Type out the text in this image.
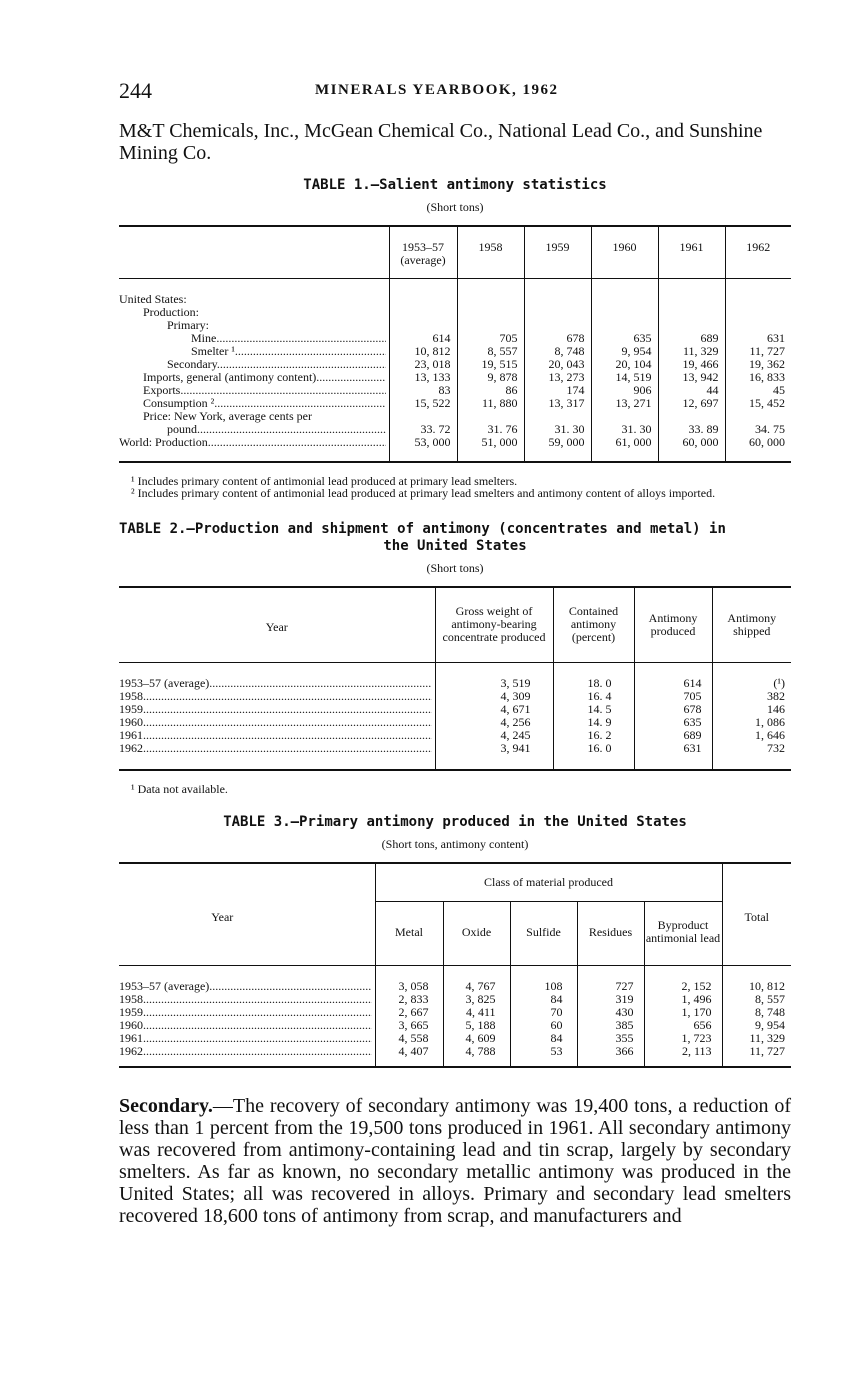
244	MINERALS YEARBOOK, 1962

M&T Chemicals, Inc., McGean Chemical Co., National Lead Co., and Sunshine Mining Co.

TABLE 1.—Salient antimony statistics
(Short tons)
	1953–57 (average)	1958	1959	1960	1961	1962

United States:						

Production:						

Primary:						

Mine .....	614	705	678	635	689	631

Smelter ¹ .....	10, 812	8, 557	8, 748	9, 954	11, 329	11, 727

Secondary .....	23, 018	19, 515	20, 043	20, 104	19, 466	19, 362

Imports, general (antimony content) .....	13, 133	9, 878	13, 273	14, 519	13, 942	16, 833

Exports .....	83	86	174	906	44	45

Consumption ² .....	15, 522	11, 880	13, 317	13, 271	12, 697	15, 452

Price: New York, average cents per						

pound .....	33. 72	31. 76	31. 30	31. 30	33. 89	34. 75

World: Production .....	53, 000	51, 000	59, 000	61, 000	60, 000	60, 000
¹ Includes primary content of antimonial lead produced at primary lead smelters.
² Includes primary content of antimonial lead produced at primary lead smelters and antimony content of alloys imported.
TABLE 2.—Production and shipment of antimony (concentrates and metal) in
the United States
(Short tons)
Year	Gross weight of antimony-bearing concentrate produced	Contained antimony (percent)	Antimony produced	Antimony shipped

1953–57 (average) .....	3, 519	18. 0	614	(¹)

1958 .....	4, 309	16. 4	705	382

1959 .....	4, 671	14. 5	678	146

1960 .....	4, 256	14. 9	635	1, 086

1961 .....	4, 245	16. 2	689	1, 646

1962 .....	3, 941	16. 0	631	732
¹ Data not available.
TABLE 3.—Primary antimony produced in the United States
(Short tons, antimony content)
Year	Class of material produced					Total
	Metal	Oxide	Sulfide	Residues	Byproduct antimonial lead	

1953–57 (average) .....	3, 058	4, 767	108	727	2, 152	10, 812

1958 .....	2, 833	3, 825	84	319	1, 496	8, 557

1959 .....	2, 667	4, 411	70	430	1, 170	8, 748

1960 .....	3, 665	5, 188	60	385	656	9, 954

1961 .....	4, 558	4, 609	84	355	1, 723	11, 329

1962 .....	4, 407	4, 788	53	366	2, 113	11, 727

Secondary.—The recovery of secondary antimony was 19,400 tons, a reduction of less than 1 percent from the 19,500 tons produced in 1961. All secondary antimony was recovered from antimony-containing lead and tin scrap, largely by secondary smelters. As far as known, no secondary metallic antimony was produced in the United States; all was recovered in alloys. Primary and secondary lead smelters recovered 18,600 tons of antimony from scrap, and manufacturers and
